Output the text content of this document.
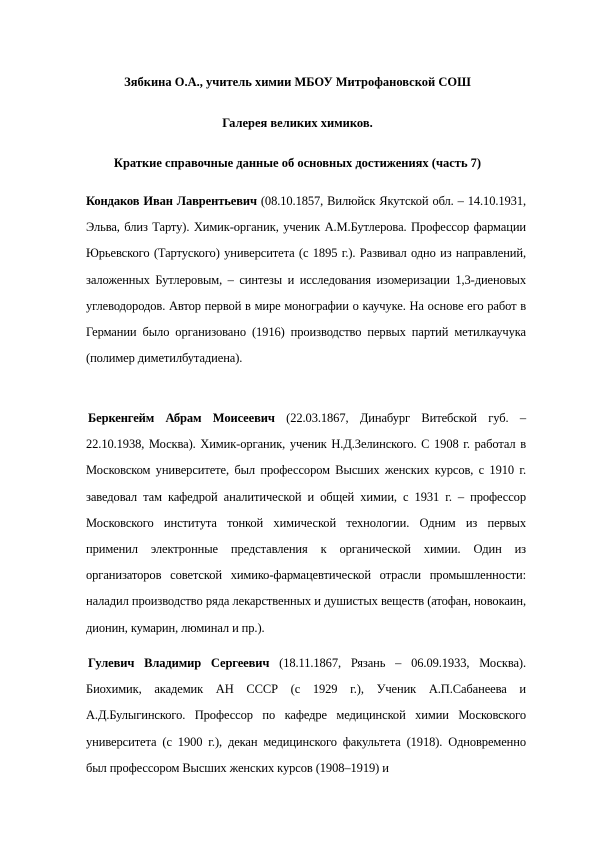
Зябкина О.А., учитель химии МБОУ Митрофановской СОШ
Галерея великих химиков.
Краткие справочные данные об основных достижениях (часть 7)
Кондаков Иван Лаврентьевич (08.10.1857, Вилюйск Якутской обл. – 14.10.1931, Эльва, близ Тарту). Химик-органик, ученик А.М.Бутлерова. Профессор фармации Юрьевского (Тартуского) университета (с 1895 г.). Развивал одно из направлений, заложенных Бутлеровым, – синтезы и исследования изомеризации 1,3-диеновых углеводородов. Автор первой в мире монографии о каучуке. На основе его работ в Германии было организовано (1916) производство первых партий метилкаучука (полимер диметилбутадиена).
Беркенгейм Абрам Моисеевич (22.03.1867, Динабург Витебской губ. – 22.10.1938, Москва). Химик-органик, ученик Н.Д.Зелинского. С 1908 г. работал в Московском университете, был профессором Высших женских курсов, с 1910 г. заведовал там кафедрой аналитической и общей химии, с 1931 г. – профессор Московского института тонкой химической технологии. Одним из первых применил электронные представления к органической химии. Один из организаторов советской химико-фармацевтической отрасли промышленности: наладил производство ряда лекарственных и душистых веществ (атофан, новокаин, дионин, кумарин, люминал и пр.).
Гулевич Владимир Сергеевич (18.11.1867, Рязань – 06.09.1933, Москва). Биохимик, академик АН СССР (с 1929 г.), Ученик А.П.Сабанеева и А.Д.Булыгинского. Профессор по кафедре медицинской химии Московского университета (с 1900 г.), декан медицинского факультета (1918). Одновременно был профессором Высших женских курсов (1908–1919) и
